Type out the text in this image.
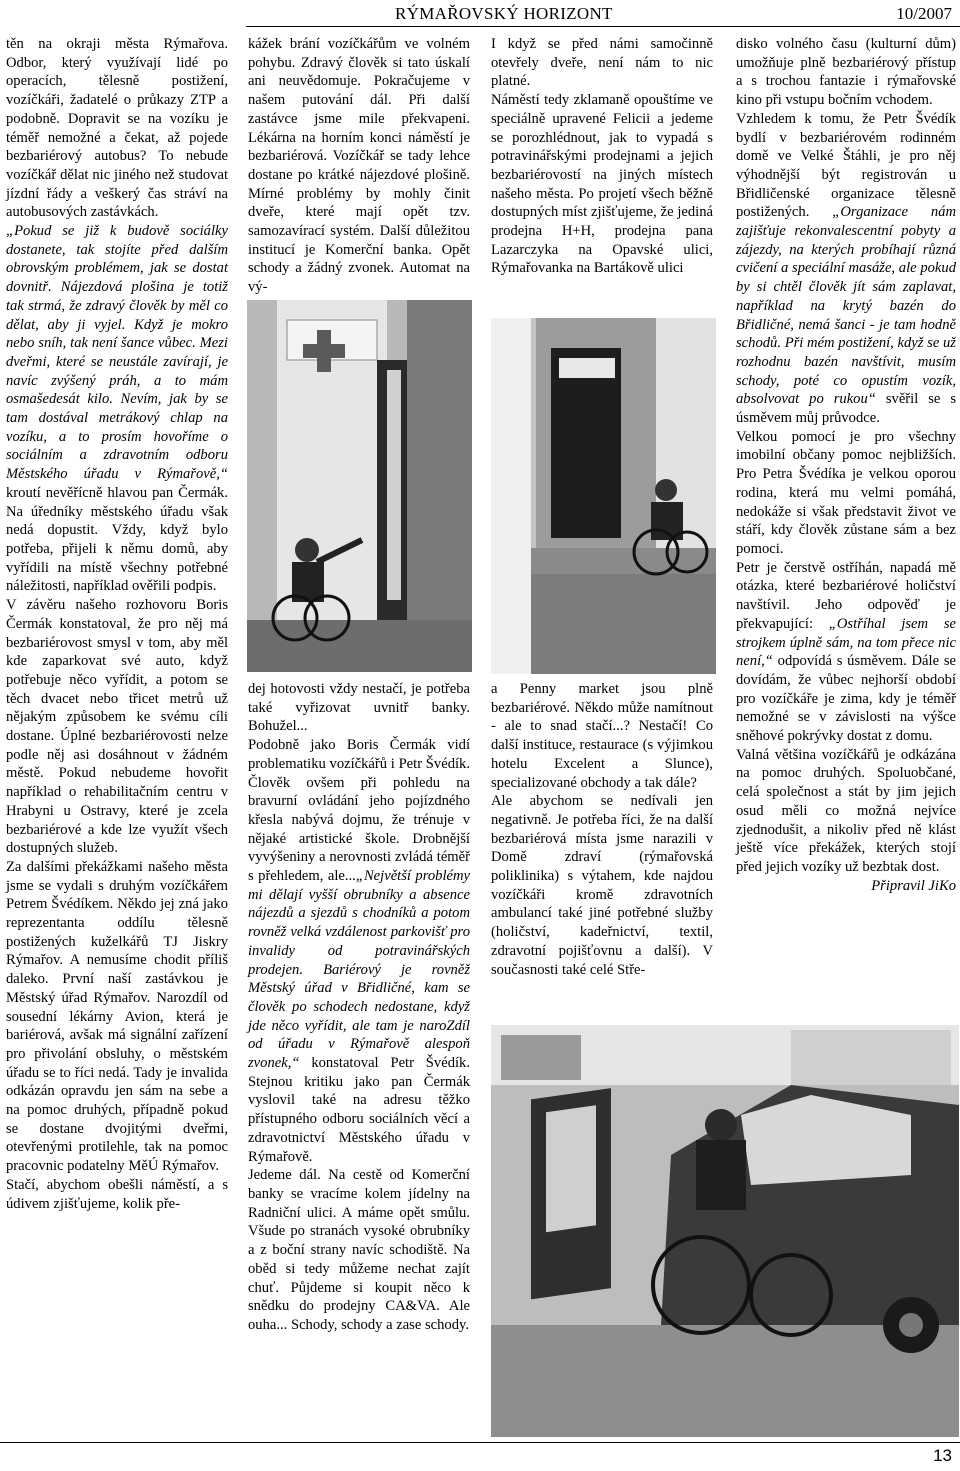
RÝMAŘOVSKÝ HORIZONT	10/2007

těn na okraji města Rýmařova. Odbor, který využívají lidé po operacích, tělesně postižení, vozíčkáři, žadatelé o průkazy ZTP a podobně. Dopravit se na vozíku je téměř nemožné a čekat, až pojede bezbariérový autobus? To nebude vozíčkář dělat nic jiného než studovat jízdní řády a veškerý čas stráví na autobusových zastávkách.

„Pokud se již k budově sociálky dostanete, tak stojíte před dalším obrovským problémem, jak se dostat dovnitř. Nájezdová plošina je totiž tak strmá, že zdravý člověk by měl co dělat, aby ji vyjel. Když je mokro nebo sníh, tak není šance vůbec. Mezi dveřmi, které se neustále zavírají, je navíc zvýšený práh, a to mám osmašedesát kilo. Nevím, jak by se tam dostával metrákový chlap na vozíku, a to prosím hovoříme o sociálním a zdravotním odboru Městského úřadu v Rýmařově,“ kroutí nevěřícně hlavou pan Čermák. Na úředníky městského úřadu však nedá dopustit. Vždy, když bylo potřeba, přijeli k němu domů, aby vyřídili na místě všechny potřebné náležitosti, například ověřili podpis.

V závěru našeho rozhovoru Boris Čermák konstatoval, že pro něj má bezbariérovost smysl v tom, aby měl kde zaparkovat své auto, když potřebuje něco vyřídit, a potom se těch dvacet nebo třicet metrů už nějakým způsobem ke svému cíli dostane. Úplné bezbariérovosti nelze podle něj asi dosáhnout v žádném městě. Pokud nebudeme hovořit například o rehabilitačním centru v Hrabyni u Ostravy, které je zcela bezbariérové a kde lze využít všech dostupných služeb.

Za dalšími překážkami našeho města jsme se vydali s druhým vozíčkářem Petrem Švédíkem. Někdo jej zná jako reprezentanta oddílu tělesně postižených kuželkářů TJ Jiskry Rýmařov. A nemusíme chodit příliš daleko. První naší zastávkou je Městský úřad Rýmařov. Narozdíl od sousední lékárny Avion, která je bariérová, avšak má signální zařízení pro přivolání obsluhy, o městském úřadu se to říci nedá. Tady je invalida odkázán opravdu jen sám na sebe a na pomoc druhých, případně pokud se dostane dvojitými dveřmi, otevřenými protilehle, tak na pomoc pracovnic podatelny MěÚ Rýmařov.

Stačí, abychom obešli náměstí, a s údivem zjišťujeme, kolik pře-

kážek brání vozíčkářům ve volném pohybu. Zdravý člověk si tato úskalí ani neuvědomuje. Pokračujeme v našem putování dál. Při další zastávce jsme mile překvapeni. Lékárna na horním konci náměstí je bezbariérová. Vozíčkář se tady lehce dostane po krátké nájezdové plošině. Mírné problémy by mohly činit dveře, které mají opět tzv. samozavírací systém. Další důležitou institucí je Komerční banka. Opět schody a žádný zvonek. Automat na vý-

dej hotovosti vždy nestačí, je potřeba také vyřizovat uvnitř banky. Bohužel...

Podobně jako Boris Čermák vidí problematiku vozíčkářů i Petr Švédík. Člověk ovšem při pohledu na bravurní ovládání jeho pojízdného křesla nabývá dojmu, že trénuje v nějaké artistické škole. Drobnější vyvýšeniny a nerovnosti zvládá téměř s přehledem, ale...„Největší problémy mi dělají vyšší obrubníky a absence nájezdů a sjezdů s chodníků a potom rovněž velká vzdálenost parkovišť pro invalidy od potravinářských prodejen. Bariérový je rovněž Městský úřad v Břidličné, kam se člověk po schodech nedostane, když jde něco vyřídit, ale tam je naroZdíl od úřadu v Rýmařově alespoň zvonek,“ konstatoval Petr Švédík. Stejnou kritiku jako pan Čermák vyslovil také na adresu těžko přístupného odboru sociálních věcí a zdravotnictví Městského úřadu v Rýmařově.

Jedeme dál. Na cestě od Komerční banky se vracíme kolem jídelny na Radniční ulici. A máme opět smůlu. Všude po stranách vysoké obrubníky a z boční strany navíc schodiště. Na oběd si tedy můžeme nechat zajít chuť. Půjdeme si koupit něco k snědku do prodejny CA&VA. Ale ouha... Schody, schody a zase schody.

I když se před námi samočinně otevřely dveře, není nám to nic platné.

Náměstí tedy zklamaně opouštíme ve speciálně upravené Felicii a jedeme se porozhlédnout, jak to vypadá s potravinářskými prodejnami a jejich bezbariérovostí na jiných místech našeho města. Po projetí všech běžně dostupných míst zjišťujeme, že jediná prodejna H+H, prodejna pana Lazarczyka na Opavské ulici, Rýmařovanka na Bartákově ulici

a Penny market jsou plně bezbariérové. Někdo může namítnout - ale to snad stačí...? Nestačí! Co další instituce, restaurace (s výjimkou hotelu Excelent a Slunce), specializované obchody a tak dále?

Ale abychom se nedívali jen negativně. Je potřeba říci, že na další bezbariérová místa jsme narazili v Domě zdraví (rýmařovská poliklinika) s výtahem, kde najdou vozíčkáři kromě zdravotních ambulancí také jiné potřebné služby (holičství, kadeřnictví, textil, zdravotní pojišťovnu a další). V současnosti také celé Stře-

disko volného času (kulturní dům) umožňuje plně bezbariérový přístup a s trochou fantazie i rýmařovské kino při vstupu bočním vchodem.

Vzhledem k tomu, že Petr Švédík bydlí v bezbariérovém rodinném domě ve Velké Štáhli, je pro něj výhodnější být registrován u Břidličenské organizace tělesně postižených. „Organizace nám zajišťuje rekonvalescentní pobyty a zájezdy, na kterých probíhají různá cvičení a speciální masáže, ale pokud by si chtěl člověk jít sám zaplavat, například na krytý bazén do Břidličné, nemá šanci - je tam hodně schodů. Při mém postižení, když se už rozhodnu bazén navštívit, musím schody, poté co opustím vozík, absolvovat po rukou“ svěřil se s úsměvem můj průvodce.

Velkou pomocí je pro všechny imobilní občany pomoc nejbližších. Pro Petra Švédíka je velkou oporou rodina, která mu velmi pomáhá, nedokáže si však představit život ve stáří, kdy člověk zůstane sám a bez pomoci.

Petr je čerstvě ostříhán, napadá mě otázka, které bezbariérové holičství navštívil. Jeho odpověď je překvapující: „Ostříhal jsem se strojkem úplně sám, na tom přece nic není,“ odpovídá s úsměvem. Dále se dovídám, že vůbec nejhorší období pro vozíčkáře je zima, kdy je téměř nemožné se v závislosti na výšce sněhové pokrývky dostat z domu.

Valná většina vozíčkářů je odkázána na pomoc druhých. Spoluobčané, celá společnost a stát by jim jejich osud měli co možná nejvíce zjednodušit, a nikoliv před ně klást ještě více překážek, kterých stojí před jejich vozíky už bezbtak dost.
Připravil JiKo

13
